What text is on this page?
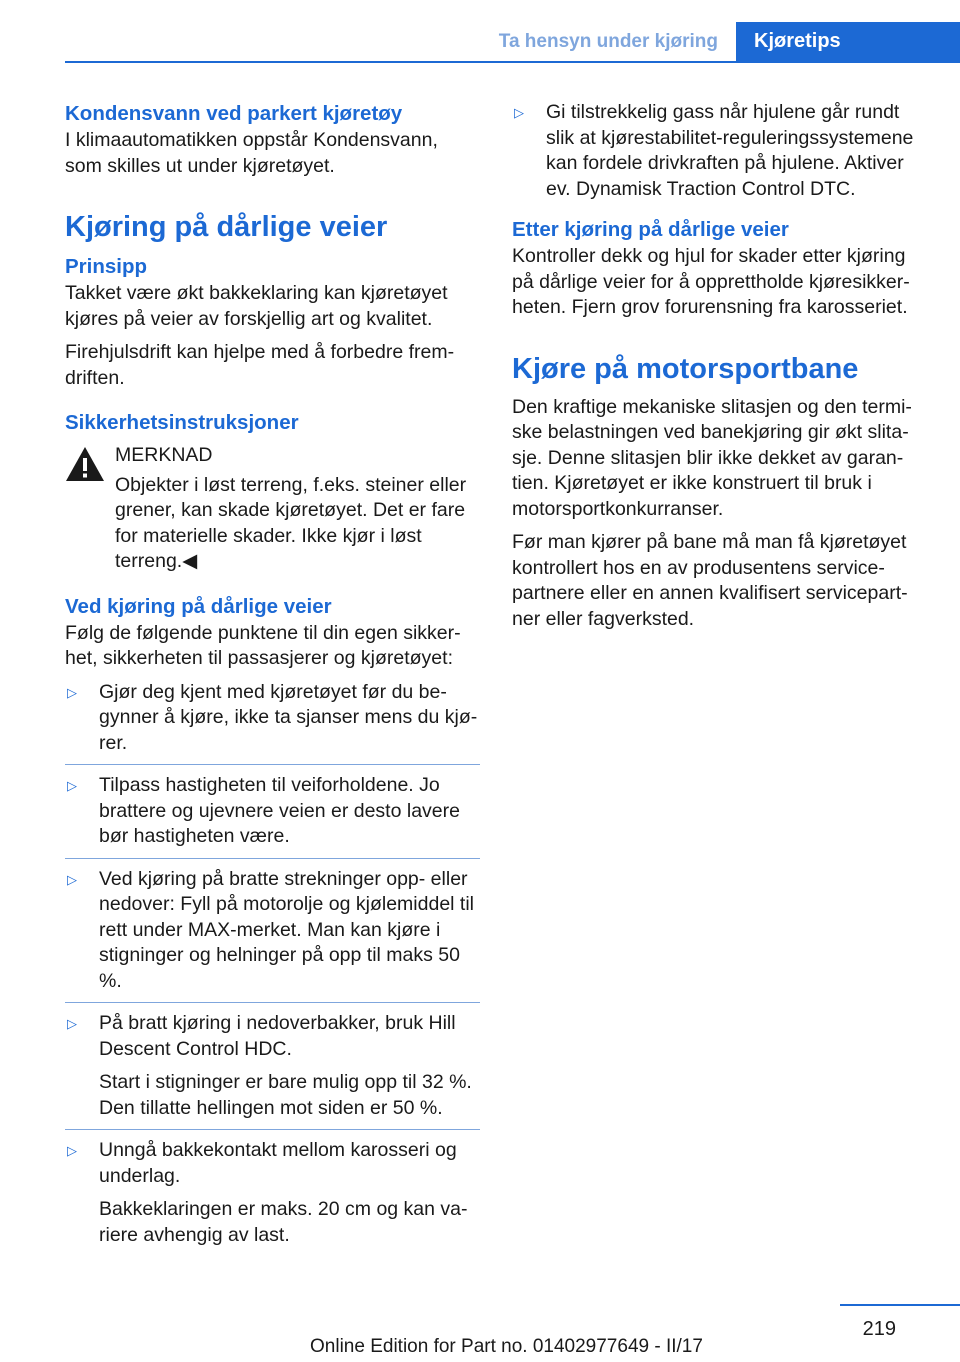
Ta hensyn under kjøring	Kjøretips
Kondensvann ved parkert kjøretøy

I klimaautomatikken oppstår Kondensvann, som skilles ut under kjøretøyet.

Kjøring på dårlige veier
Prinsipp

Takket være økt bakkeklaring kan kjøretøyet kjøres på veier av forskjellig art og kvalitet.

Firehjulsdrift kan hjelpe med å forbedre frem- driften.

Sikkerhetsinstruksjoner

MERKNAD

Objekter i løst terreng, f.eks. steiner eller grener, kan skade kjøretøyet. Det er fare for materielle skader. Ikke kjør i løst terreng.◀

Ved kjøring på dårlige veier

Følg de følgende punktene til din egen sikker- het, sikkerheten til passasjerer og kjøretøyet:

▷ Gjør deg kjent med kjøretøyet før du be- gynner å kjøre, ikke ta sjanser mens du kjø- rer.

▷ Tilpass hastigheten til veiforholdene. Jo brattere og ujevnere veien er desto lavere bør hastigheten være.

▷ Ved kjøring på bratte strekninger opp- eller nedover: Fyll på motorolje og kjølemiddel til rett under MAX-merket. Man kan kjøre i stigninger og helninger på opp til maks 50 %.

▷ På bratt kjøring i nedoverbakker, bruk Hill Descent Control HDC.

Start i stigninger er bare mulig opp til 32 %. Den tillatte hellingen mot siden er 50 %.

▷ Unngå bakkekontakt mellom karosseri og underlag.

Bakkeklaringen er maks. 20 cm og kan va- riere avhengig av last.

▷ Gi tilstrekkelig gass når hjulene går rundt slik at kjørestabilitet-reguleringssystemene kan fordele drivkraften på hjulene. Aktiver ev. Dynamisk Traction Control DTC.

Etter kjøring på dårlige veier

Kontroller dekk og hjul for skader etter kjøring på dårlige veier for å opprettholde kjøresikker- heten. Fjern grov forurensning fra karosseriet.

Kjøre på motorsportbane

Den kraftige mekaniske slitasjen og den termi- ske belastningen ved banekjøring gir økt slita- sje. Denne slitasjen blir ikke dekket av garan- tien. Kjøretøyet er ikke konstruert til bruk i motorsportkonkurranser.

Før man kjører på bane må man få kjøretøyet kontrollert hos en av produsentens service- partnere eller en annen kvalifisert servicepart- ner eller fagverksted.

219
Online Edition for Part no. 01402977649 - II/17
